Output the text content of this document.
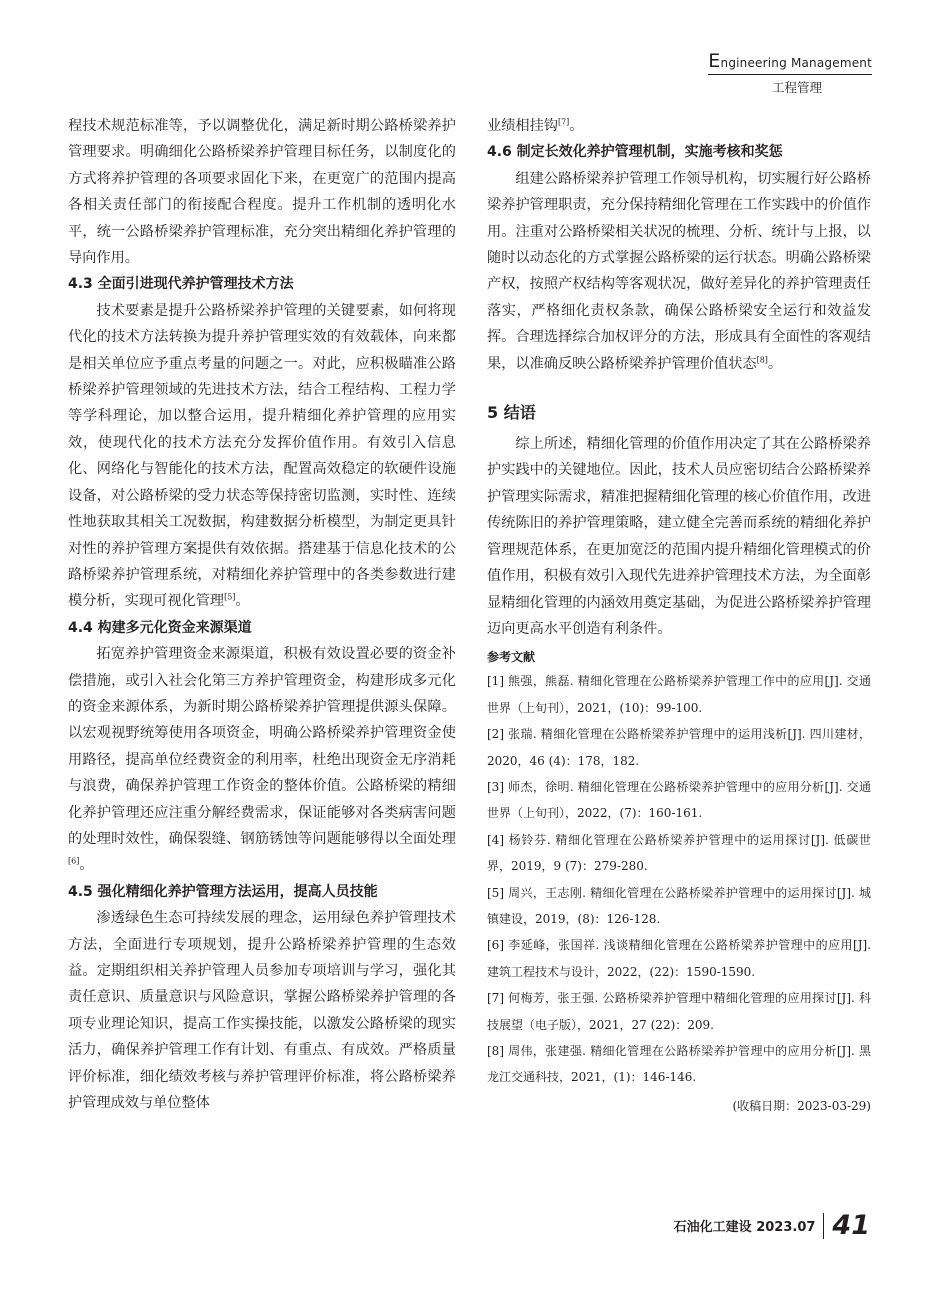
Engineering Management
工程管理

程技术规范标准等，予以调整优化，满足新时期公路桥梁养护管理要求。明确细化公路桥梁养护管理目标任务，以制度化的方式将养护管理的各项要求固化下来，在更宽广的范围内提高各相关责任部门的衔接配合程度。提升工作机制的透明化水平，统一公路桥梁养护管理标准，充分突出精细化养护管理的导向作用。

4.3 全面引进现代养护管理技术方法

技术要素是提升公路桥梁养护管理的关键要素，如何将现代化的技术方法转换为提升养护管理实效的有效载体，向来都是相关单位应予重点考量的问题之一。对此，应积极瞄准公路桥梁养护管理领域的先进技术方法，结合工程结构、工程力学等学科理论，加以整合运用，提升精细化养护管理的应用实效，使现代化的技术方法充分发挥价值作用。有效引入信息化、网络化与智能化的技术方法，配置高效稳定的软硬件设施设备，对公路桥梁的受力状态等保持密切监测，实时性、连续性地获取其相关工况数据，构建数据分析模型，为制定更具针对性的养护管理方案提供有效依据。搭建基于信息化技术的公路桥梁养护管理系统，对精细化养护管理中的各类参数进行建模分析，实现可视化管理[5]。

4.4 构建多元化资金来源渠道

拓宽养护管理资金来源渠道，积极有效设置必要的资金补偿措施，或引入社会化第三方养护管理资金，构建形成多元化的资金来源体系，为新时期公路桥梁养护管理提供源头保障。以宏观视野统筹使用各项资金，明确公路桥梁养护管理资金使用路径，提高单位经费资金的利用率，杜绝出现资金无序消耗与浪费，确保养护管理工作资金的整体价值。公路桥梁的精细化养护管理还应注重分解经费需求，保证能够对各类病害问题的处理时效性，确保裂缝、钢筋锈蚀等问题能够得以全面处理[6]。

4.5 强化精细化养护管理方法运用，提高人员技能

渗透绿色生态可持续发展的理念，运用绿色养护管理技术方法，全面进行专项规划，提升公路桥梁养护管理的生态效益。定期组织相关养护管理人员参加专项培训与学习，强化其责任意识、质量意识与风险意识，掌握公路桥梁养护管理的各项专业理论知识，提高工作实操技能，以激发公路桥梁的现实活力，确保养护管理工作有计划、有重点、有成效。严格质量评价标准，细化绩效考核与养护管理评价标准，将公路桥梁养护管理成效与单位整体

业绩相挂钩[7]。

4.6 制定长效化养护管理机制，实施考核和奖惩

组建公路桥梁养护管理工作领导机构，切实履行好公路桥梁养护管理职责，充分保持精细化管理在工作实践中的价值作用。注重对公路桥梁相关状况的梳理、分析、统计与上报，以随时以动态化的方式掌握公路桥梁的运行状态。明确公路桥梁产权，按照产权结构等客观状况，做好差异化的养护管理责任落实，严格细化责权条款，确保公路桥梁安全运行和效益发挥。合理选择综合加权评分的方法，形成具有全面性的客观结果，以准确反映公路桥梁养护管理价值状态[8]。

5 结语

综上所述，精细化管理的价值作用决定了其在公路桥梁养护实践中的关键地位。因此，技术人员应密切结合公路桥梁养护管理实际需求，精准把握精细化管理的核心价值作用，改进传统陈旧的养护管理策略，建立健全完善而系统的精细化养护管理规范体系，在更加宽泛的范围内提升精细化管理模式的价值作用，积极有效引入现代先进养护管理技术方法，为全面彰显精细化管理的内涵效用奠定基础，为促进公路桥梁养护管理迈向更高水平创造有利条件。

参考文献

[1] 熊强，熊磊. 精细化管理在公路桥梁养护管理工作中的应用[J]. 交通世界（上旬刊），2021，(10)：99-100.

[2] 张瑞. 精细化管理在公路桥梁养护管理中的运用浅析[J]. 四川建材，2020，46 (4)：178，182.

[3] 师杰，徐明. 精细化管理在公路桥梁养护管理中的应用分析[J]. 交通世界（上旬刊），2022，(7)：160-161.

[4] 杨铃芬. 精细化管理在公路桥梁养护管理中的运用探讨[J]. 低碳世界，2019，9 (7)：279-280.

[5] 周兴，王志刚. 精细化管理在公路桥梁养护管理中的运用探讨[J]. 城镇建设，2019，(8)：126-128.

[6] 李延峰，张国祥. 浅谈精细化管理在公路桥梁养护管理中的应用[J]. 建筑工程技术与设计，2022，(22)：1590-1590.

[7] 何梅芳，张王强. 公路桥梁养护管理中精细化管理的应用探讨[J]. 科技展望（电子版），2021，27 (22)：209.

[8] 周伟，张建强. 精细化管理在公路桥梁养护管理中的应用分析[J]. 黑龙江交通科技，2021，(1)：146-146.

(收稿日期：2023-03-29)
石油化工建设 2023.07 41
